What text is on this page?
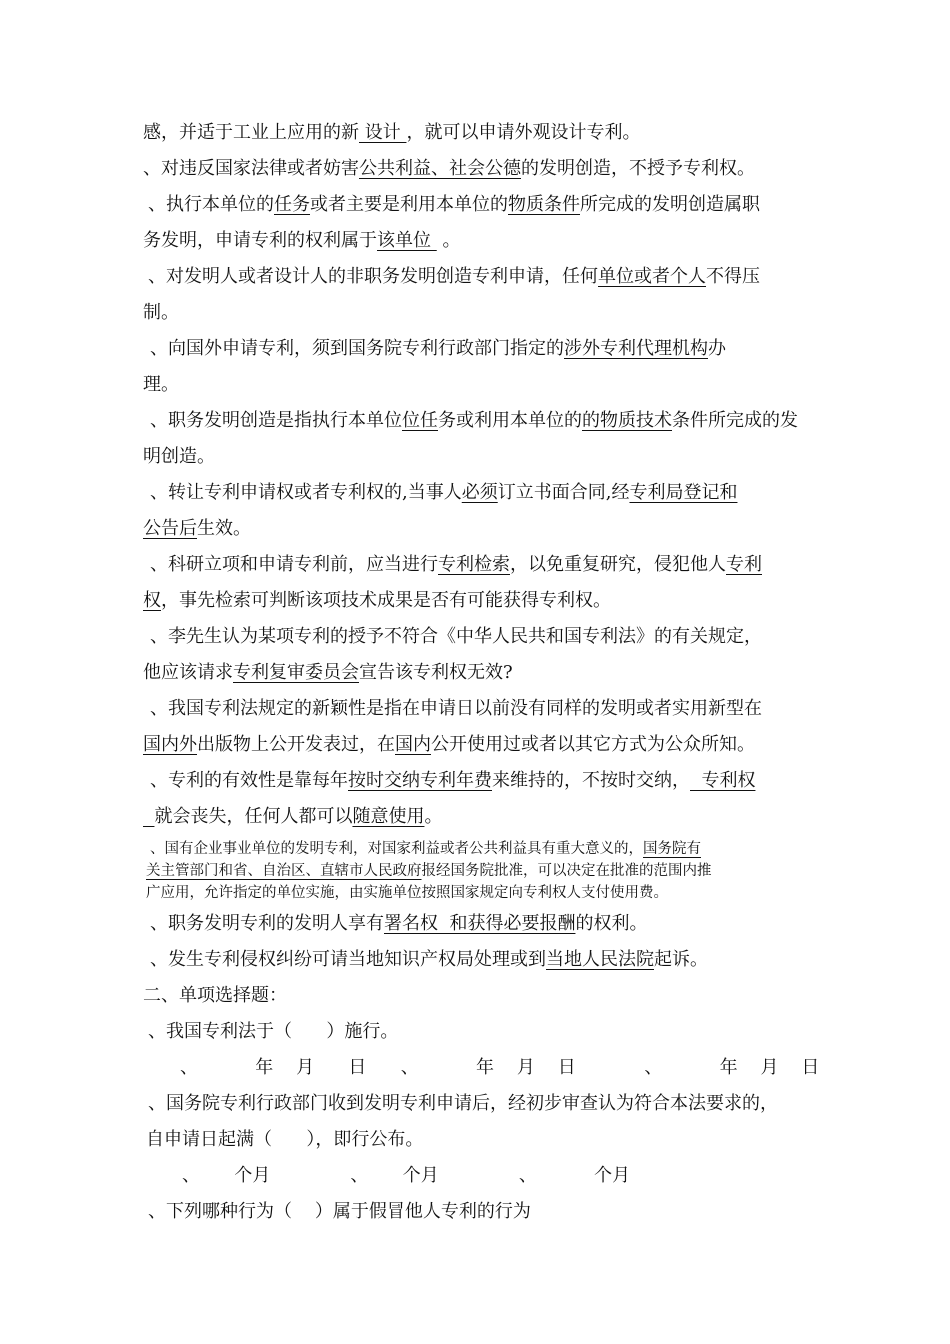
感，并适于工业上应用的新 设计 ，就可以申请外观设计专利。
、对违反国家法律或者妨害公共利益、社会公德的发明创造，不授予专利权。
、执行本单位的任务或者主要是利用本单位的物质条件所完成的发明创造属职
务发明，申请专利的权利属于该单位  。
、对发明人或者设计人的非职务发明创造专利申请，任何单位或者个人不得压
制。
、向国外申请专利，须到国务院专利行政部门指定的涉外专利代理机构办
理。
、职务发明创造是指执行本单位位任务或利用本单位的的物质技术条件所完成的发
明创造。
、转让专利申请权或者专利权的,当事人必须订立书面合同,经专利局登记和
公告后生效。
、科研立项和申请专利前，应当进行专利检索，以免重复研究，侵犯他人专利
权，事先检索可判断该项技术成果是否有可能获得专利权。
、李先生认为某项专利的授予不符合《中华人民共和国专利法》的有关规定，
他应该请求专利复审委员会宣告该专利权无效?
、我国专利法规定的新颖性是指在申请日以前没有同样的发明或者实用新型在
国内外出版物上公开发表过，在国内公开使用过或者以其它方式为公众所知。
、专利的有效性是靠每年按时交纳专利年费来维持的，不按时交纳，  专利权
就会丧失，任何人都可以随意使用。
、国有企业事业单位的发明专利，对国家利益或者公共利益具有重大意义的，国务院有
关主管部门和省、自治区、直辖市人民政府报经国务院批准，可以决定在批准的范围内推
广应用，允许指定的单位实施，由实施单位按照国家规定向专利权人支付使用费。
、职务发明专利的发明人享有署名权  和获得必要报酬的权利。
、发生专利侵权纠纷可请当地知识产权局处理或到当地人民法院起诉。
二、单项选择题：
、我国专利法于（      ）施行。
、          年    月      日      、          年    月    日            、          年    月    日
、国务院专利行政部门收到发明专利申请后，经初步审查认为符合本法要求的，
自申请日起满（      ），即行公布。
、      个月              、      个月              、          个月
、下列哪种行为（    ）属于假冒他人专利的行为
